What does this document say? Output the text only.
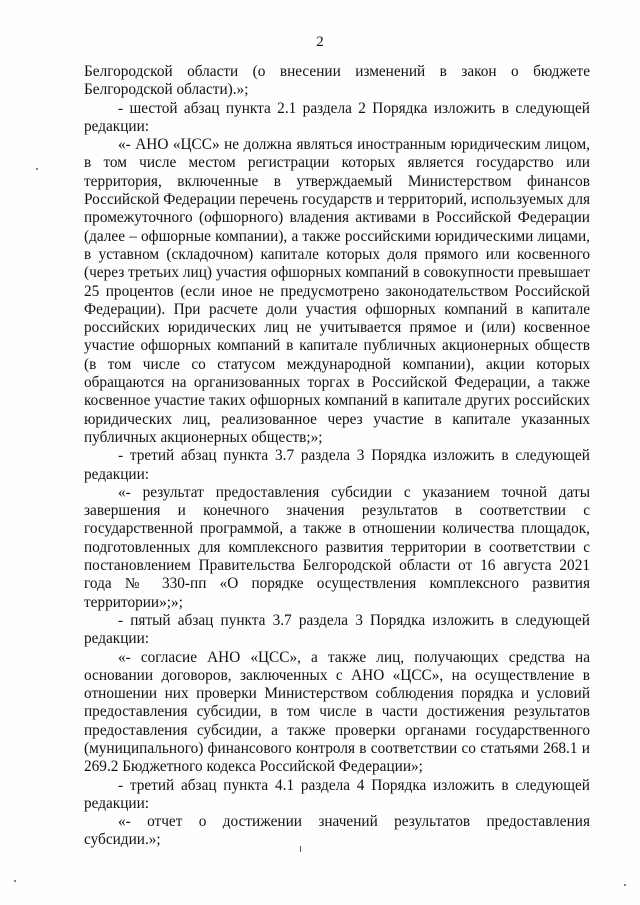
2

Белгородской области (о внесении изменений в закон о бюджете Белгородской области).»;

- шестой абзац пункта 2.1 раздела 2 Порядка изложить в следующей редакции:

«- АНО «ЦСС» не должна являться иностранным юридическим лицом, в том числе местом регистрации которых является государство или территория, включенные в утверждаемый Министерством финансов Российской Федерации перечень государств и территорий, используемых для промежуточного (офшорного) владения активами в Российской Федерации (далее – офшорные компании), а также российскими юридическими лицами, в уставном (складочном) капитале которых доля прямого или косвенного (через третьих лиц) участия офшорных компаний в совокупности превышает 25 процентов (если иное не предусмотрено законодательством Российской Федерации). При расчете доли участия офшорных компаний в капитале российских юридических лиц не учитывается прямое и (или) косвенное участие офшорных компаний в капитале публичных акционерных обществ (в том числе со статусом международной компании), акции которых обращаются на организованных торгах в Российской Федерации, а также косвенное участие таких офшорных компаний в капитале других российских юридических лиц, реализованное через участие в капитале указанных публичных акционерных обществ;»;

- третий абзац пункта 3.7 раздела 3 Порядка изложить в следующей редакции:

«- результат предоставления субсидии с указанием точной даты завершения и конечного значения результатов в соответствии с государственной программой, а также в отношении количества площадок, подготовленных для комплексного развития территории в соответствии с постановлением Правительства Белгородской области от 16 августа 2021 года № 330-пп «О порядке осуществления комплексного развития территории»;»;

- пятый абзац пункта 3.7 раздела 3 Порядка изложить в следующей редакции:

«- согласие АНО «ЦСС», а также лиц, получающих средства на основании договоров, заключенных с АНО «ЦСС», на осуществление в отношении них проверки Министерством соблюдения порядка и условий предоставления субсидии, в том числе в части достижения результатов предоставления субсидии, а также проверки органами государственного (муниципального) финансового контроля в соответствии со статьями 268.1 и 269.2 Бюджетного кодекса Российской Федерации»;

- третий абзац пункта 4.1 раздела 4 Порядка изложить в следующей редакции:

«- отчет о достижении значений результатов предоставления субсидии.»;
